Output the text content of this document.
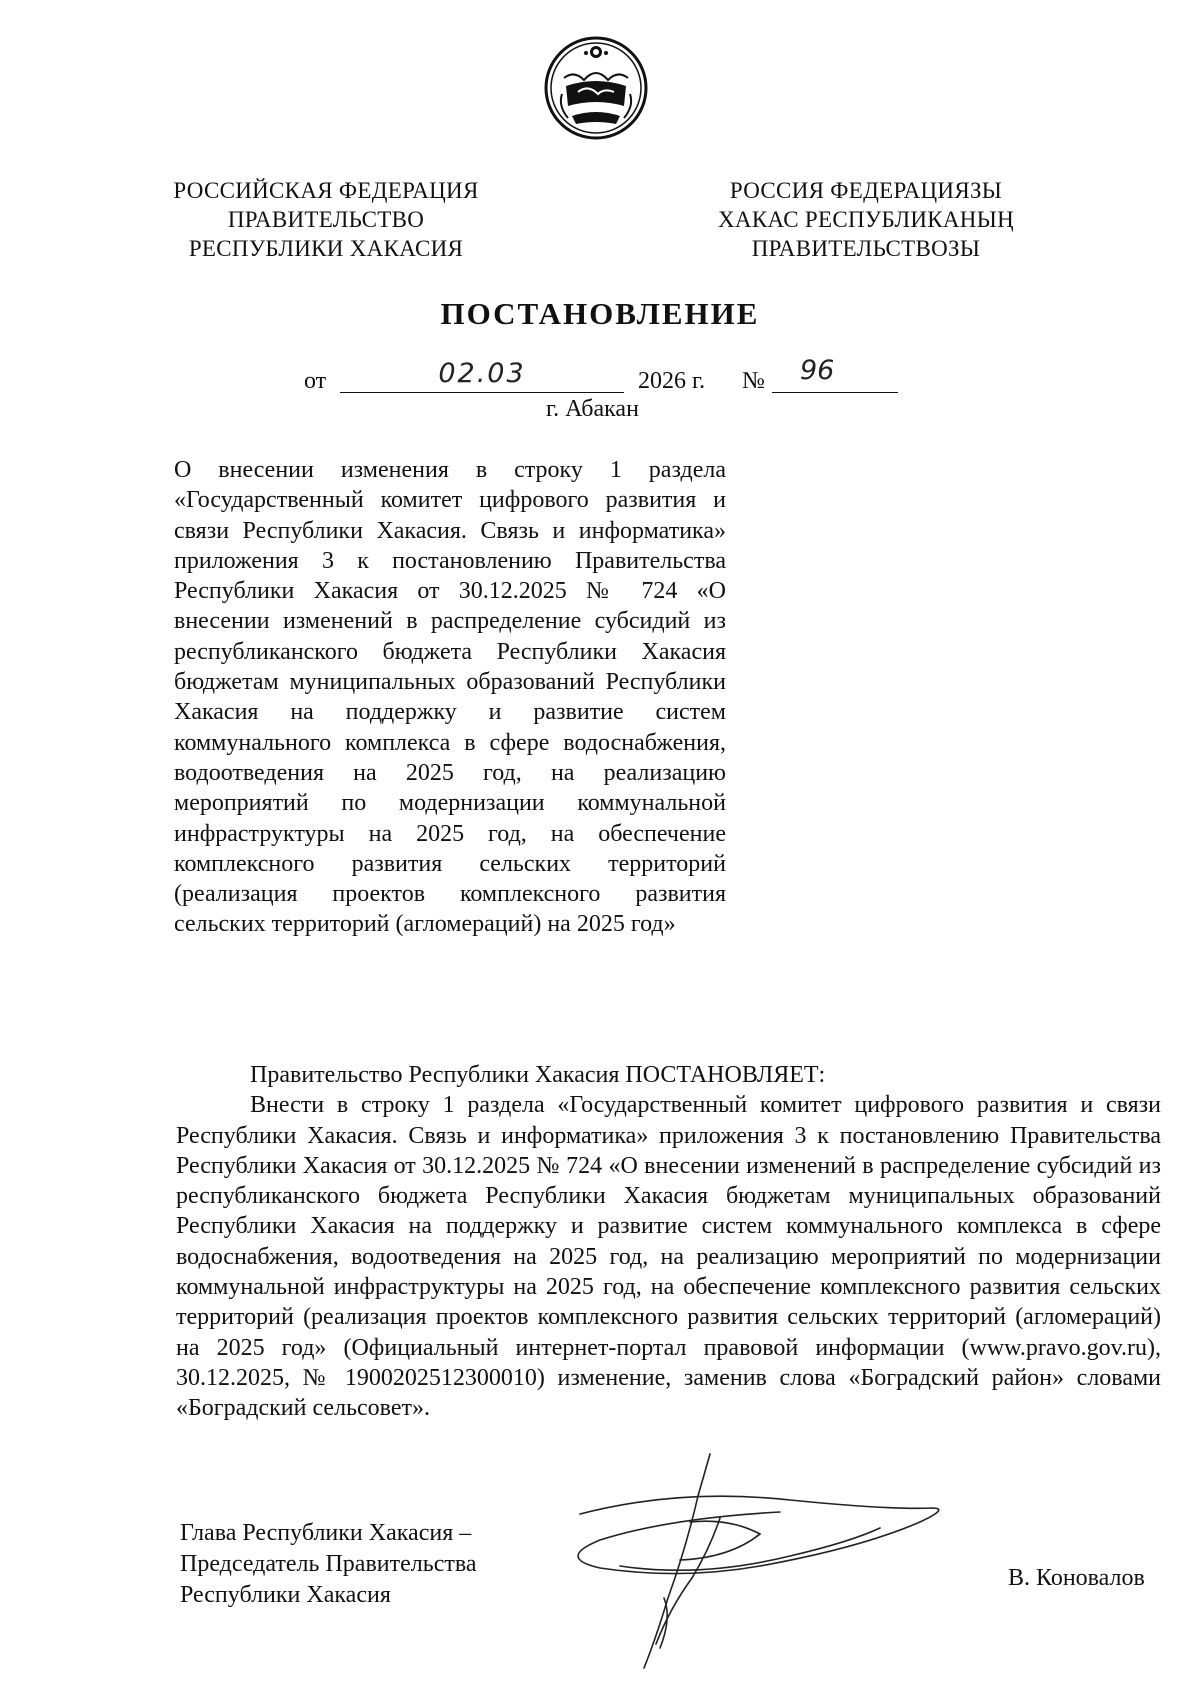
РОССИЙСКАЯ ФЕДЕРАЦИЯ
ПРАВИТЕЛЬСТВО
РЕСПУБЛИКИ ХАКАСИЯ
РОССИЯ ФЕДЕРАЦИЯЗЫ
ХАКАС РЕСПУБЛИКАНЫҢ
ПРАВИТЕЛЬСТВОЗЫ
ПОСТАНОВЛЕНИЕ
от	02.03	2026 г. № 96
г. Абакан
О внесении изменения в строку 1 раздела «Государственный комитет цифрового развития и связи Республики Хакасия. Связь и информатика» приложения 3 к постановлению Правительства Республики Хакасия от 30.12.2025 № 724 «О внесении изменений в распределение субсидий из республиканского бюджета Республики Хакасия бюджетам муниципальных образований Республики Хакасия на поддержку и развитие систем коммунального комплекса в сфере водоснабжения, водоотведения на 2025 год, на реализацию мероприятий по модернизации коммунальной инфраструктуры на 2025 год, на обеспечение комплексного развития сельских территорий (реализация проектов комплексного развития сельских территорий (агломераций) на 2025 год»

Правительство Республики Хакасия ПОСТАНОВЛЯЕТ:

Внести в строку 1 раздела «Государственный комитет цифрового развития и связи Республики Хакасия. Связь и информатика» приложения 3 к постановлению Правительства Республики Хакасия от 30.12.2025 № 724 «О внесении изменений в распределение субсидий из республиканского бюджета Республики Хакасия бюджетам муниципальных образований Республики Хакасия на поддержку и развитие систем коммунального комплекса в сфере водоснабжения, водоотведения на 2025 год, на реализацию мероприятий по модернизации коммунальной инфраструктуры на 2025 год, на обеспечение комплексного развития сельских территорий (реализация проектов комплексного развития сельских территорий (агломераций) на 2025 год» (Официальный интернет-портал правовой информации (www.pravo.gov.ru), 30.12.2025, № 1900202512300010) изменение, заменив слова «Боградский район» словами «Боградский сельсовет».

Глава Республики Хакасия –
Председатель Правительства
Республики Хакасия
В. Коновалов
